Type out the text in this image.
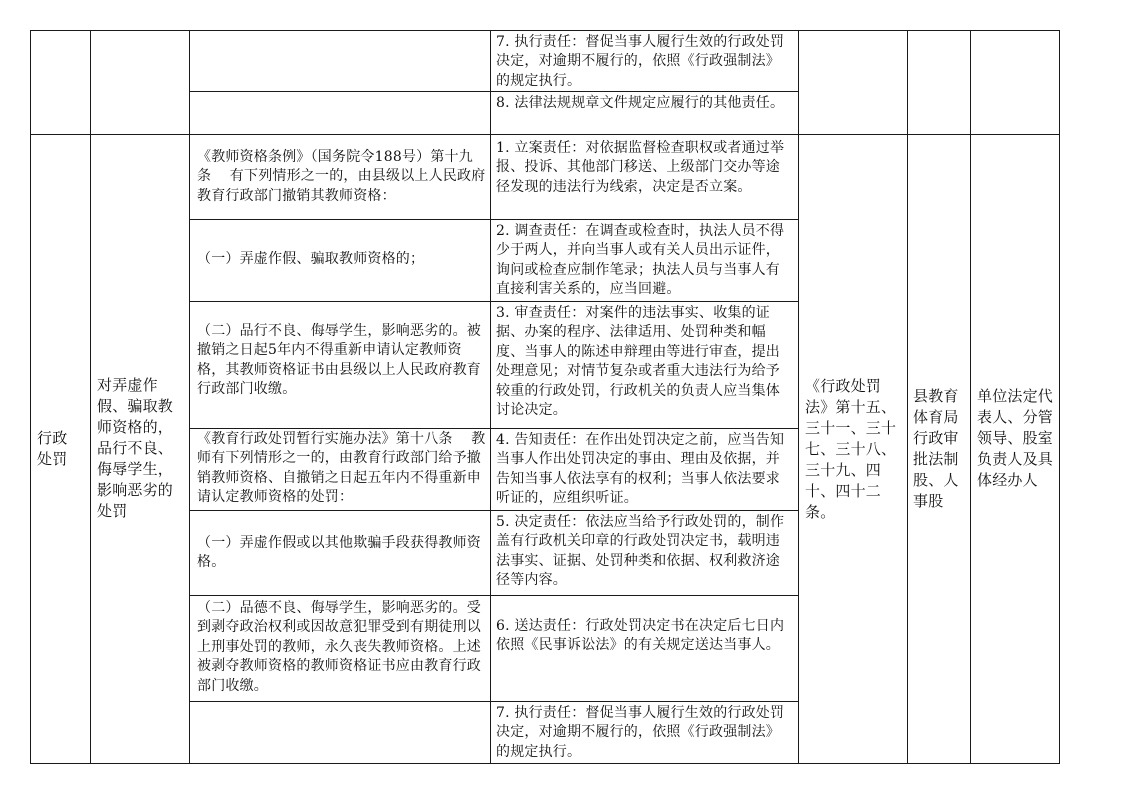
7. 执行责任：督促当事人履行生效的行政处罚决定，对逾期不履行的，依照《行政强制法》的规定执行。
8. 法律法规规章文件规定应履行的其他责任。
行政处罚
对弄虚作假、骗取教师资格的，品行不良、侮辱学生，影响恶劣的处罚
《教师资格条例》（国务院令188号）第十九条    有下列情形之一的，由县级以上人民政府教育行政部门撤销其教师资格：
（一）弄虚作假、骗取教师资格的；
（二）品行不良、侮辱学生，影响恶劣的。被撤销之日起5年内不得重新申请认定教师资格，其教师资格证书由县级以上人民政府教育行政部门收缴。
《教育行政处罚暂行实施办法》第十八条    教师有下列情形之一的，由教育行政部门给予撤销教师资格、自撤销之日起五年内不得重新申请认定教师资格的处罚：
（一）弄虚作假或以其他欺骗手段获得教师资格。
（二）品德不良、侮辱学生，影响恶劣的。受到剥夺政治权利或因故意犯罪受到有期徒刑以上刑事处罚的教师，永久丧失教师资格。上述被剥夺教师资格的教师资格证书应由教育行政部门收缴。
1. 立案责任：对依据监督检查职权或者通过举报、投诉、其他部门移送、上级部门交办等途径发现的违法行为线索，决定是否立案。
2. 调查责任：在调查或检查时，执法人员不得少于两人，并向当事人或有关人员出示证件，询问或检查应制作笔录；执法人员与当事人有直接利害关系的，应当回避。
3. 审查责任：对案件的违法事实、收集的证据、办案的程序、法律适用、处罚种类和幅度、当事人的陈述申辩理由等进行审查，提出处理意见；对情节复杂或者重大违法行为给予较重的行政处罚，行政机关的负责人应当集体讨论决定。
4. 告知责任：在作出处罚决定之前，应当告知当事人作出处罚决定的事由、理由及依据，并告知当事人依法享有的权利；当事人依法要求听证的，应组织听证。
5. 决定责任：依法应当给予行政处罚的，制作盖有行政机关印章的行政处罚决定书，载明违法事实、证据、处罚种类和依据、权利救济途径等内容。
6. 送达责任：行政处罚决定书在决定后七日内依照《民事诉讼法》的有关规定送达当事人。
7. 执行责任：督促当事人履行生效的行政处罚决定，对逾期不履行的，依照《行政强制法》的规定执行。
《行政处罚法》第十五、三十一、三十七、三十八、三十九、四十、四十二条。
县教育体育局行政审批法制股、人事股
单位法定代表人、分管领导、股室负责人及具体经办人
